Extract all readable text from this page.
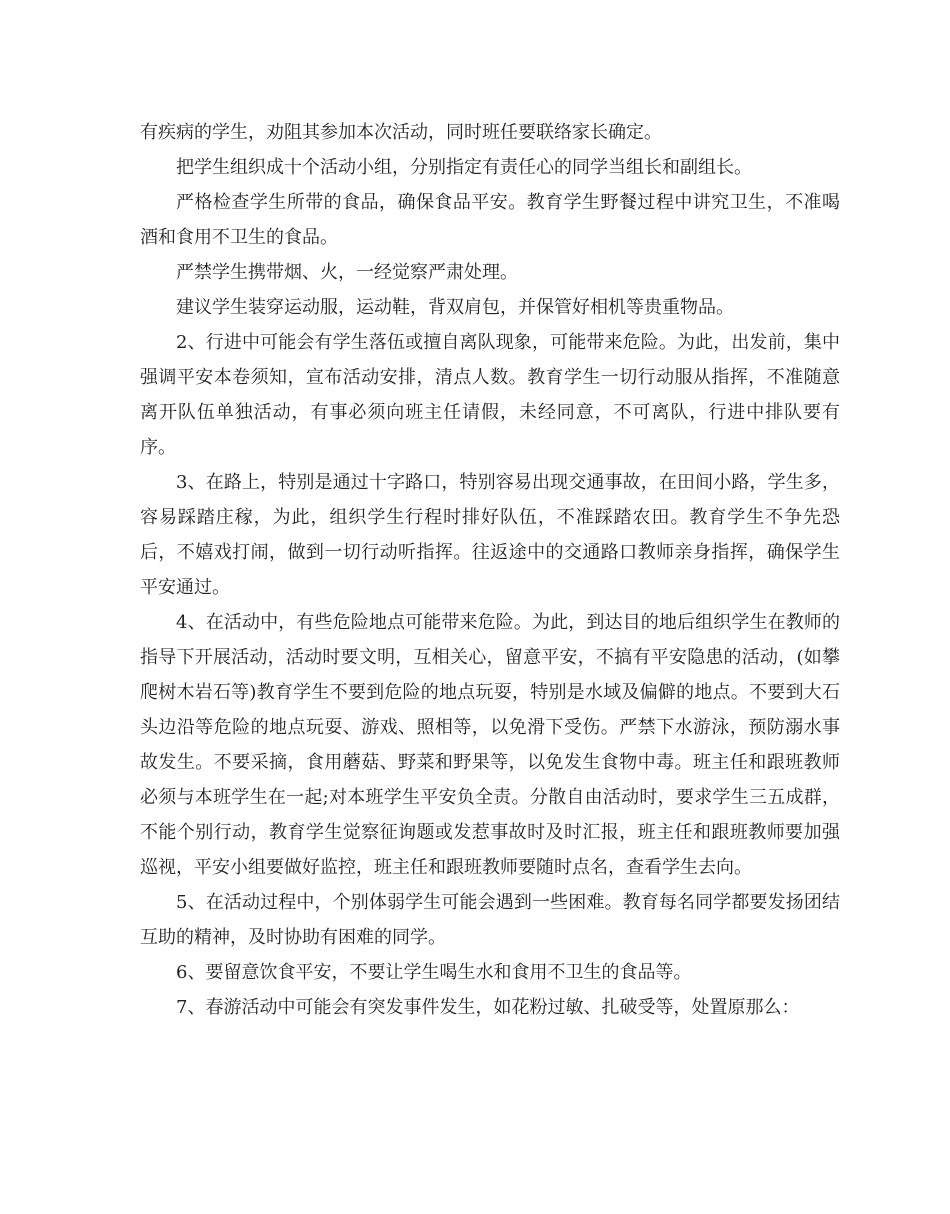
有疾病的学生，劝阻其参加本次活动，同时班任要联络家长确定。

把学生组织成十个活动小组，分别指定有责任心的同学当组长和副组长。

严格检查学生所带的食品，确保食品平安。教育学生野餐过程中讲究卫生，不准喝酒和食用不卫生的食品。

严禁学生携带烟、火，一经觉察严肃处理。

建议学生装穿运动服，运动鞋，背双肩包，并保管好相机等贵重物品。

2、行进中可能会有学生落伍或擅自离队现象，可能带来危险。为此，出发前，集中强调平安本卷须知，宣布活动安排，清点人数。教育学生一切行动服从指挥，不准随意离开队伍单独活动，有事必须向班主任请假，未经同意，不可离队，行进中排队要有序。

3、在路上，特别是通过十字路口，特别容易出现交通事故，在田间小路，学生多，容易踩踏庄稼，为此，组织学生行程时排好队伍，不准踩踏农田。教育学生不争先恐后，不嬉戏打闹，做到一切行动听指挥。往返途中的交通路口教师亲身指挥，确保学生平安通过。

4、在活动中，有些危险地点可能带来危险。为此，到达目的地后组织学生在教师的指导下开展活动，活动时要文明，互相关心，留意平安，不搞有平安隐患的活动，(如攀爬树木岩石等)教育学生不要到危险的地点玩耍，特别是水域及偏僻的地点。不要到大石头边沿等危险的地点玩耍、游戏、照相等，以免滑下受伤。严禁下水游泳，预防溺水事故发生。不要采摘，食用蘑菇、野菜和野果等，以免发生食物中毒。班主任和跟班教师必须与本班学生在一起;对本班学生平安负全责。分散自由活动时，要求学生三五成群，不能个别行动，教育学生觉察征询题或发惹事故时及时汇报，班主任和跟班教师要加强巡视，平安小组要做好监控，班主任和跟班教师要随时点名，查看学生去向。

5、在活动过程中，个别体弱学生可能会遇到一些困难。教育每名同学都要发扬团结互助的精神，及时协助有困难的同学。

6、要留意饮食平安，不要让学生喝生水和食用不卫生的食品等。

7、春游活动中可能会有突发事件发生，如花粉过敏、扎破受等，处置原那么：
